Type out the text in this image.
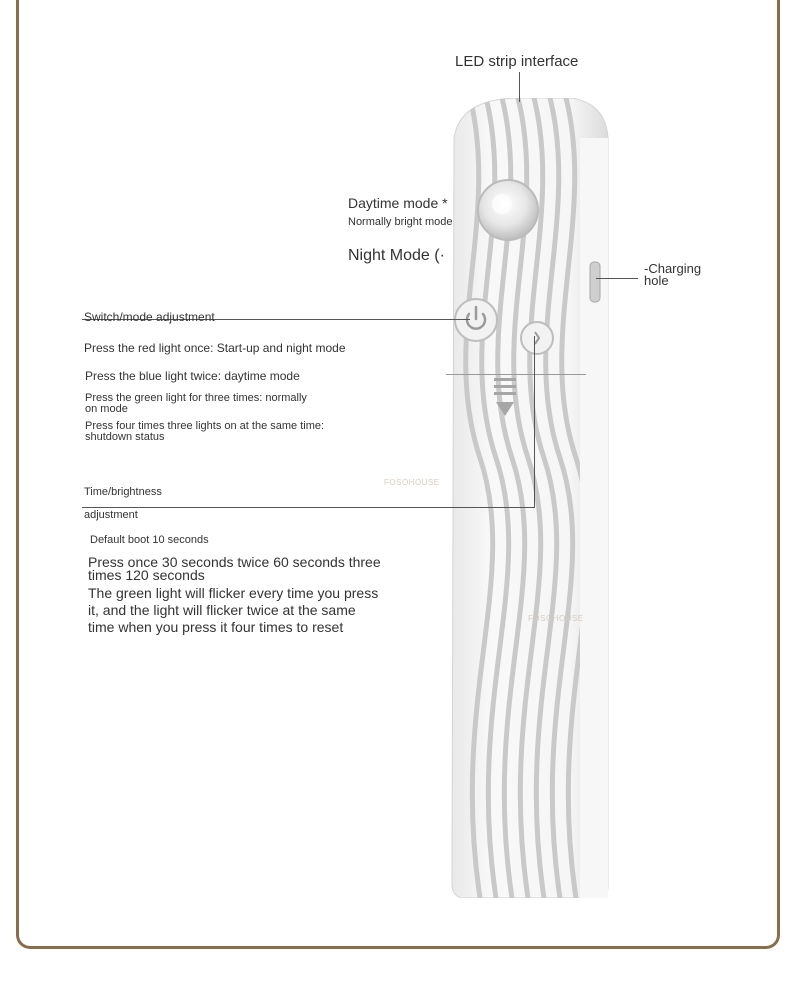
FOSOHOUSE
FOSOHOUSE
LED strip interface
Daytime mode *
Normally bright mode
Night Mode (·
-Charging
hole
Switch/mode adjustment
Press the red light once: Start-up and night mode
Press the blue light twice: daytime mode
Press the green light for three times: normally
on mode
Press four times three lights on at the same time:
shutdown status
Time/brightness
adjustment
Default boot 10 seconds
Press once 30 seconds twice 60 seconds three
times 120 seconds
The green light will flicker every time you press
it, and the light will flicker twice at the same
time when you press it four times to reset
